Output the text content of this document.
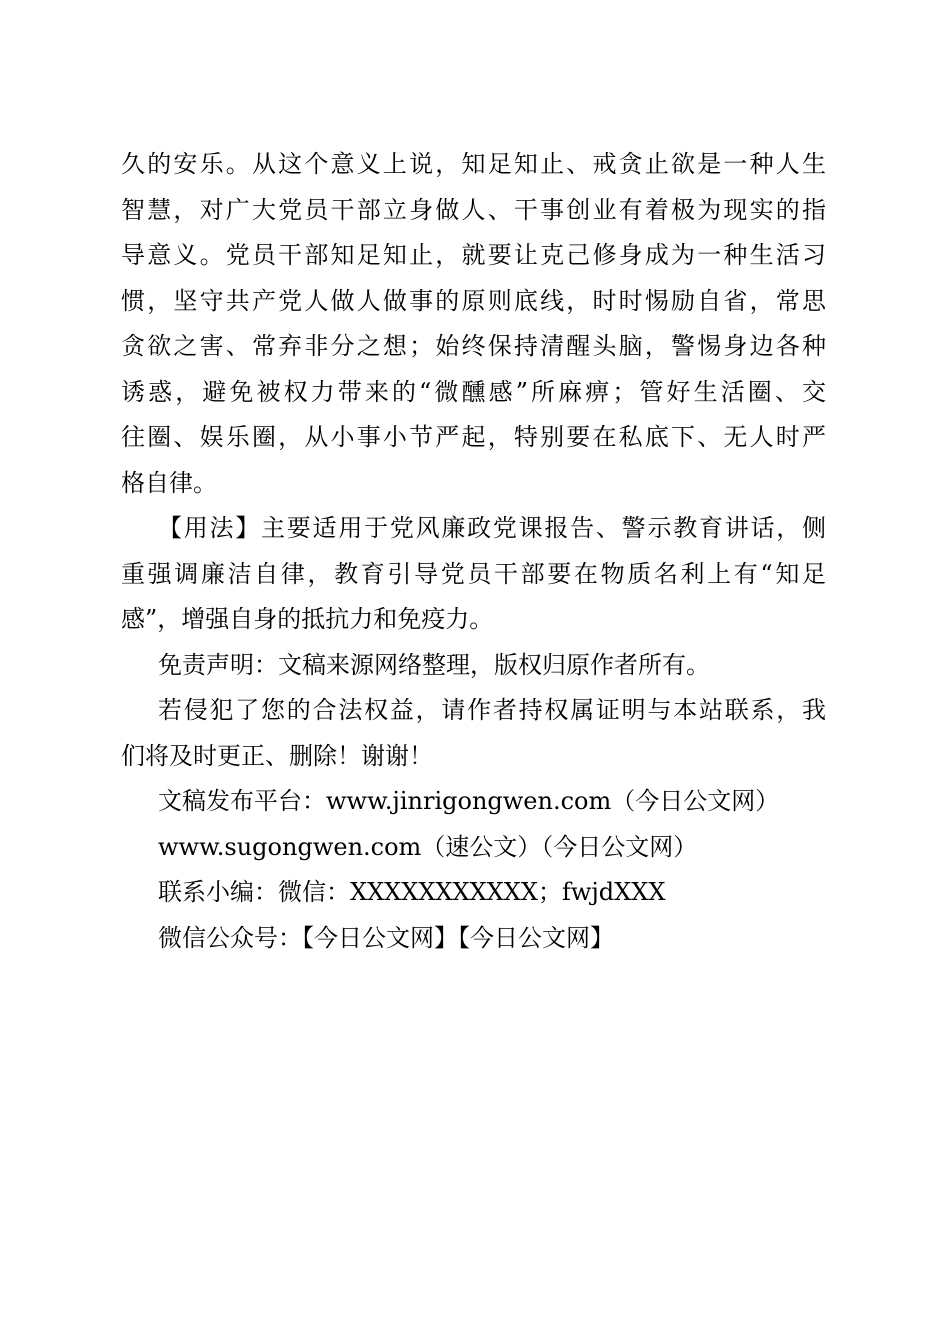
久的安乐。从这个意义上说，知足知止、戒贪止欲是一种人生
智慧，对广大党员干部立身做人、干事创业有着极为现实的指
导意义。党员干部知足知止，就要让克己修身成为一种生活习
惯，坚守共产党人做人做事的原则底线，时时惕励自省，常思
贪欲之害、常弃非分之想；始终保持清醒头脑，警惕身边各种
诱惑，避免被权力带来的“微醺感”所麻痹；管好生活圈、交
往圈、娱乐圈，从小事小节严起，特别要在私底下、无人时严
格自律。
【用法】主要适用于党风廉政党课报告、警示教育讲话，侧
重强调廉洁自律，教育引导党员干部要在物质名利上有“知足
感”，增强自身的抵抗力和免疫力。
免责声明：文稿来源网络整理，版权归原作者所有。
若侵犯了您的合法权益，请作者持权属证明与本站联系，我
们将及时更正、删除！谢谢！
文稿发布平台：www.jinrigongwen.com（今日公文网）
www.sugongwen.com（速公文）（今日公文网）
联系小编：微信：XXXXXXXXXXX；fwjdXXX
微信公众号：【今日公文网】【今日公文网】
